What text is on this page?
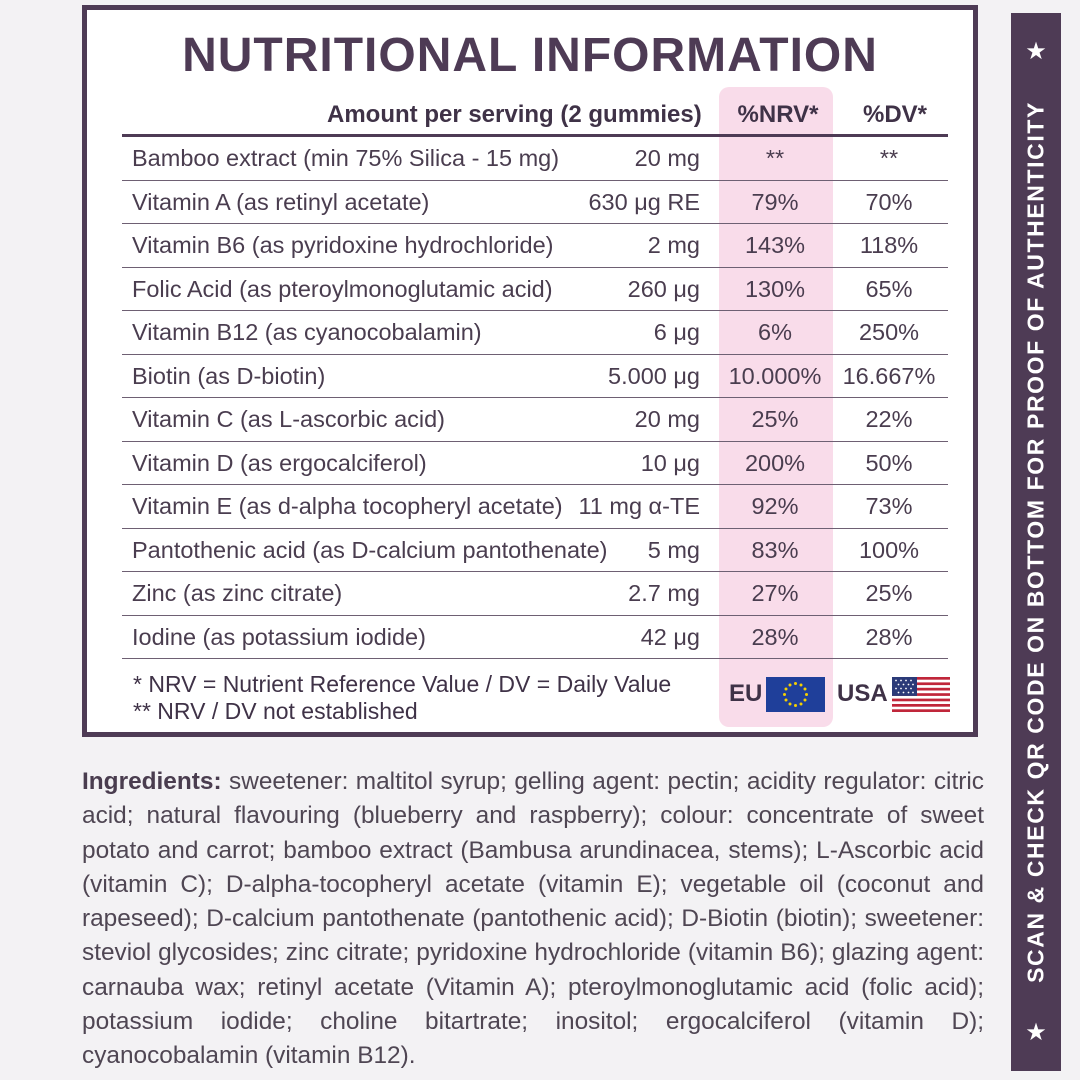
NUTRITIONAL INFORMATION
Amount per serving (2 gummies) %NRV*	%DV*
Bamboo extract (min 75% Silica - 15 mg)	20 mg	**	**
Vitamin A (as retinyl acetate)	630 μg RE	79%	70%
Vitamin B6 (as pyridoxine hydrochloride)	2 mg	143%	118%
Folic Acid (as pteroylmonoglutamic acid)	260 μg	130%	65%
Vitamin B12 (as cyanocobalamin)	6 μg	6%	250%
Biotin (as D-biotin)	5.000 μg	10.000% 16.667%
Vitamin C (as L-ascorbic acid)	20 mg	25%	22%
Vitamin D (as ergocalciferol)	10 μg	200%	50%
Vitamin E (as d-alpha tocopheryl acetate) 11 mg α-TE	92%	73%
Pantothenic acid (as D-calcium pantothenate) 5 mg	83%	100%
Zinc (as zinc citrate)	2.7 mg	27%	25%
Iodine (as potassium iodide)	42 μg	28%	28%
* NRV = Nutrient Reference Value / DV = Daily Value
** NRV / DV not established
EU	USA

Ingredients: sweetener: maltitol syrup; gelling agent: pectin; acidity regulator: citric acid; natural flavouring (blueberry and raspberry); colour: concentrate of sweet potato and carrot; bamboo extract (Bambusa arundinacea, stems); L-Ascorbic acid (vitamin C); D-alpha-tocopheryl acetate (vitamin E); vegetable oil (coconut and rapeseed); D-calcium pantothenate (pantothenic acid); D-Biotin (biotin); sweetener: steviol glycosides; zinc citrate; pyridoxine hydrochloride (vitamin B6); glazing agent: carnauba wax; retinyl acetate (Vitamin A); pteroylmonoglutamic acid (folic acid); potassium iodide; choline bitartrate; inositol; ergocalciferol (vitamin D); cyanocobalamin (vitamin B12).

★
★
SCAN & CHECK QR CODE ON BOTTOM FOR PROOF OF AUTHENTICITY
